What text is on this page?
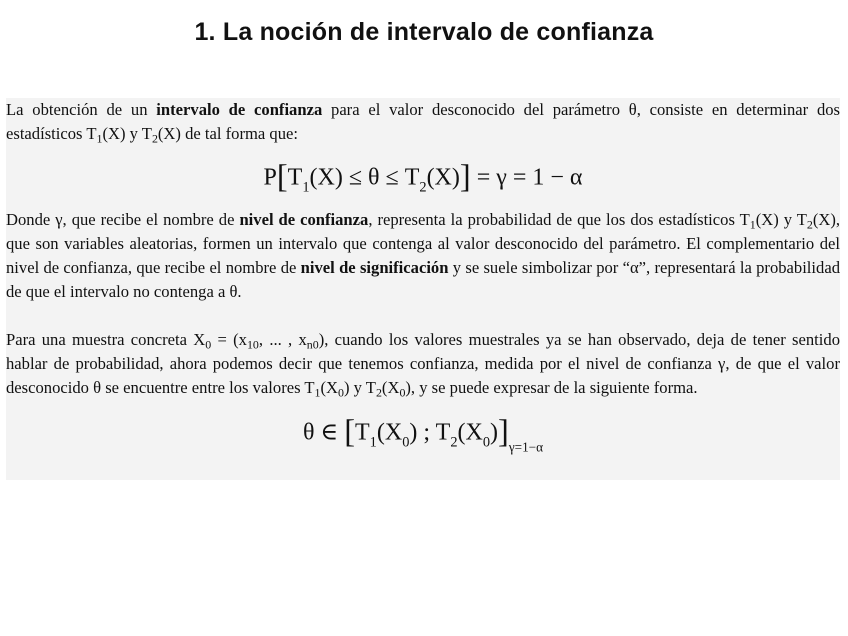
1. La noción de intervalo de confianza

La obtención de un intervalo de confianza para el valor desconocido del parámetro θ, consiste en determinar dos estadísticos $T_1(X)$ y $T_2(X)$ de tal forma que:

$P[T_1(X) \le \theta \le T_2(X)] = \gamma = 1 - \alpha$

Donde γ, que recibe el nombre de nivel de confianza, representa la probabilidad de que los dos estadísticos $T_1(X)$ y $T_2(X)$, que son variables aleatorias, formen un intervalo que contenga al valor desconocido del parámetro. El complementario del nivel de confianza, que recibe el nombre de nivel de significación y se suele simbolizar por “α”, representará la probabilidad de que el intervalo no contenga a θ.

Para una muestra concreta $X_0 = (x_{10}$, ... , $x_{n0}$), cuando los valores muestrales ya se han observado, deja de tener sentido hablar de probabilidad, ahora podemos decir que tenemos confianza, medida por el nivel de confianza γ, de que el valor desconocido θ se encuentre entre los valores $T_1(X_0)$ y $T_2(X_0)$, y se puede expresar de la siguiente forma.

θ ∈ [$T_1(X_0)$ ; $T_2(X_0)]_{\gamma=1-\alpha}$
